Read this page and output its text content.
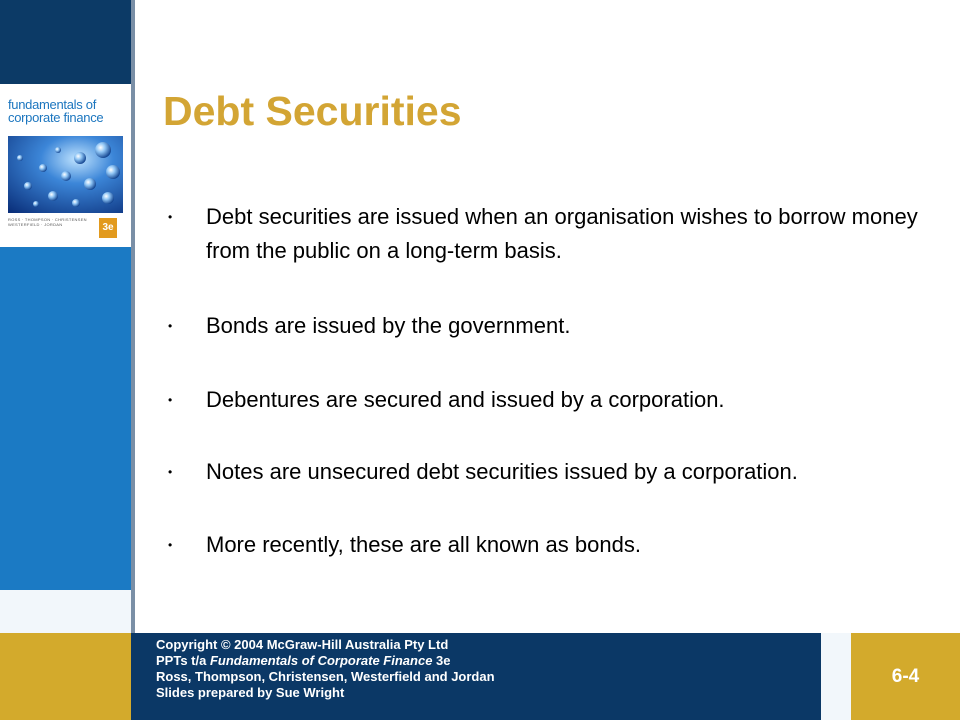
fundamentals of
corporate finance
ROSS · THOMPSON · CHRISTENSEN
WESTERFIELD · JORDAN	3e
Debt Securities
•	Debt securities are issued when an organisation wishes to borrow money from the public on a long-term basis.
•	Bonds are issued by the government.
•	Debentures are secured and issued by a corporation.
•	Notes are unsecured debt securities issued by a corporation.
•	More recently, these are all known as bonds.
Copyright © 2004 McGraw-Hill Australia Pty Ltd
PPTs t/a Fundamentals of Corporate Finance 3e
Ross, Thompson, Christensen, Westerfield and Jordan
Slides prepared by Sue Wright
6-4
